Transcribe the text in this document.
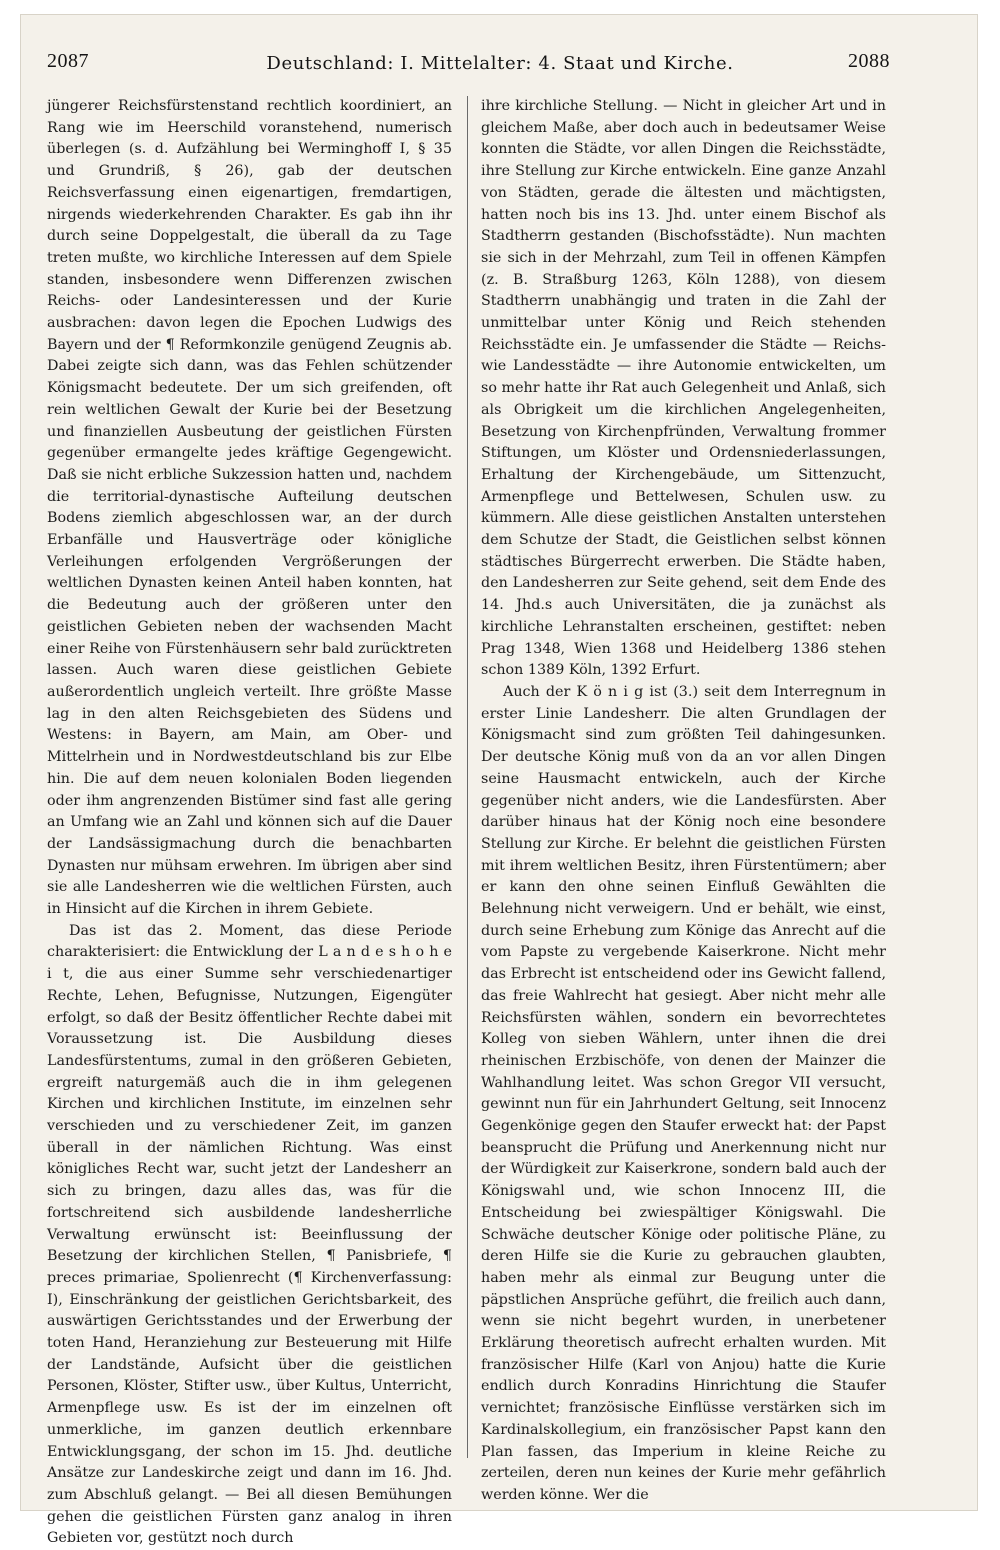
2087	Deutschland: I. Mittelalter: 4. Staat und Kirche.	2088

jüngerer Reichsfürstenstand rechtlich koordiniert, an Rang wie im Heerschild voranstehend, numerisch überlegen (s. d. Aufzählung bei Werminghoff I, § 35 und Grundriß, § 26), gab der deutschen Reichsverfassung einen eigenartigen, fremdartigen, nirgends wiederkehrenden Charakter. Es gab ihn ihr durch seine Doppelgestalt, die überall da zu Tage treten mußte, wo kirchliche Interessen auf dem Spiele standen, insbesondere wenn Differenzen zwischen Reichs- oder Landesinteressen und der Kurie ausbrachen: davon legen die Epochen Ludwigs des Bayern und der ¶ Reformkonzile genügend Zeugnis ab. Dabei zeigte sich dann, was das Fehlen schützender Königsmacht bedeutete. Der um sich greifenden, oft rein weltlichen Gewalt der Kurie bei der Besetzung und finanziellen Ausbeutung der geistlichen Fürsten gegenüber ermangelte jedes kräftige Gegengewicht. Daß sie nicht erbliche Sukzession hatten und, nachdem die territorial-dynastische Aufteilung deutschen Bodens ziemlich abgeschlossen war, an der durch Erbanfälle und Hausverträge oder königliche Verleihungen erfolgenden Vergrößerungen der weltlichen Dynasten keinen Anteil haben konnten, hat die Bedeutung auch der größeren unter den geistlichen Gebieten neben der wachsenden Macht einer Reihe von Fürstenhäusern sehr bald zurücktreten lassen. Auch waren diese geistlichen Gebiete außerordentlich ungleich verteilt. Ihre größte Masse lag in den alten Reichsgebieten des Südens und Westens: in Bayern, am Main, am Ober- und Mittelrhein und in Nordwestdeutschland bis zur Elbe hin. Die auf dem neuen kolonialen Boden liegenden oder ihm angrenzenden Bistümer sind fast alle gering an Umfang wie an Zahl und können sich auf die Dauer der Landsässigmachung durch die benachbarten Dynasten nur mühsam erwehren. Im übrigen aber sind sie alle Landesherren wie die weltlichen Fürsten, auch in Hinsicht auf die Kirchen in ihrem Gebiete.

Das ist das 2. Moment, das diese Periode charakterisiert: die Entwicklung der L a n d e s h o h e i t, die aus einer Summe sehr verschiedenartiger Rechte, Lehen, Befugnisse, Nutzungen, Eigengüter erfolgt, so daß der Besitz öffentlicher Rechte dabei mit Voraussetzung ist. Die Ausbildung dieses Landesfürstentums, zumal in den größeren Gebieten, ergreift naturgemäß auch die in ihm gelegenen Kirchen und kirchlichen Institute, im einzelnen sehr verschieden und zu verschiedener Zeit, im ganzen überall in der nämlichen Richtung. Was einst königliches Recht war, sucht jetzt der Landesherr an sich zu bringen, dazu alles das, was für die fortschreitend sich ausbildende landesherrliche Verwaltung erwünscht ist: Beeinflussung der Besetzung der kirchlichen Stellen, ¶ Panisbriefe, ¶ preces primariae, Spolienrecht (¶ Kirchenverfassung: I), Einschränkung der geistlichen Gerichtsbarkeit, des auswärtigen Gerichtsstandes und der Erwerbung der toten Hand, Heranziehung zur Besteuerung mit Hilfe der Landstände, Aufsicht über die geistlichen Personen, Klöster, Stifter usw., über Kultus, Unterricht, Armenpflege usw. Es ist der im einzelnen oft unmerkliche, im ganzen deutlich erkennbare Entwicklungsgang, der schon im 15. Jhd. deutliche Ansätze zur Landeskirche zeigt und dann im 16. Jhd. zum Abschluß gelangt. — Bei all diesen Bemühungen gehen die geistlichen Fürsten ganz analog in ihren Gebieten vor, gestützt noch durch

ihre kirchliche Stellung. — Nicht in gleicher Art und in gleichem Maße, aber doch auch in bedeutsamer Weise konnten die Städte, vor allen Dingen die Reichsstädte, ihre Stellung zur Kirche entwickeln. Eine ganze Anzahl von Städten, gerade die ältesten und mächtigsten, hatten noch bis ins 13. Jhd. unter einem Bischof als Stadtherrn gestanden (Bischofsstädte). Nun machten sie sich in der Mehrzahl, zum Teil in offenen Kämpfen (z. B. Straßburg 1263, Köln 1288), von diesem Stadtherrn unabhängig und traten in die Zahl der unmittelbar unter König und Reich stehenden Reichsstädte ein. Je umfassender die Städte — Reichs- wie Landesstädte — ihre Autonomie entwickelten, um so mehr hatte ihr Rat auch Gelegenheit und Anlaß, sich als Obrigkeit um die kirchlichen Angelegenheiten, Besetzung von Kirchenpfründen, Verwaltung frommer Stiftungen, um Klöster und Ordensniederlassungen, Erhaltung der Kirchengebäude, um Sittenzucht, Armenpflege und Bettelwesen, Schulen usw. zu kümmern. Alle diese geistlichen Anstalten unterstehen dem Schutze der Stadt, die Geistlichen selbst können städtisches Bürgerrecht erwerben. Die Städte haben, den Landesherren zur Seite gehend, seit dem Ende des 14. Jhd.s auch Universitäten, die ja zunächst als kirchliche Lehranstalten erscheinen, gestiftet: neben Prag 1348, Wien 1368 und Heidelberg 1386 stehen schon 1389 Köln, 1392 Erfurt.

Auch der K ö n i g ist (3.) seit dem Interregnum in erster Linie Landesherr. Die alten Grundlagen der Königsmacht sind zum größten Teil dahingesunken. Der deutsche König muß von da an vor allen Dingen seine Hausmacht entwickeln, auch der Kirche gegenüber nicht anders, wie die Landesfürsten. Aber darüber hinaus hat der König noch eine besondere Stellung zur Kirche. Er belehnt die geistlichen Fürsten mit ihrem weltlichen Besitz, ihren Fürstentümern; aber er kann den ohne seinen Einfluß Gewählten die Belehnung nicht verweigern. Und er behält, wie einst, durch seine Erhebung zum Könige das Anrecht auf die vom Papste zu vergebende Kaiserkrone. Nicht mehr das Erbrecht ist entscheidend oder ins Gewicht fallend, das freie Wahlrecht hat gesiegt. Aber nicht mehr alle Reichsfürsten wählen, sondern ein bevorrechtetes Kolleg von sieben Wählern, unter ihnen die drei rheinischen Erzbischöfe, von denen der Mainzer die Wahlhandlung leitet. Was schon Gregor VII versucht, gewinnt nun für ein Jahrhundert Geltung, seit Innocenz Gegenkönige gegen den Staufer erweckt hat: der Papst beansprucht die Prüfung und Anerkennung nicht nur der Würdigkeit zur Kaiserkrone, sondern bald auch der Königswahl und, wie schon Innocenz III, die Entscheidung bei zwiespältiger Königswahl. Die Schwäche deutscher Könige oder politische Pläne, zu deren Hilfe sie die Kurie zu gebrauchen glaubten, haben mehr als einmal zur Beugung unter die päpstlichen Ansprüche geführt, die freilich auch dann, wenn sie nicht begehrt wurden, in unerbetener Erklärung theoretisch aufrecht erhalten wurden. Mit französischer Hilfe (Karl von Anjou) hatte die Kurie endlich durch Konradins Hinrichtung die Staufer vernichtet; französische Einflüsse verstärken sich im Kardinalskollegium, ein französischer Papst kann den Plan fassen, das Imperium in kleine Reiche zu zerteilen, deren nun keines der Kurie mehr gefährlich werden könne. Wer die
